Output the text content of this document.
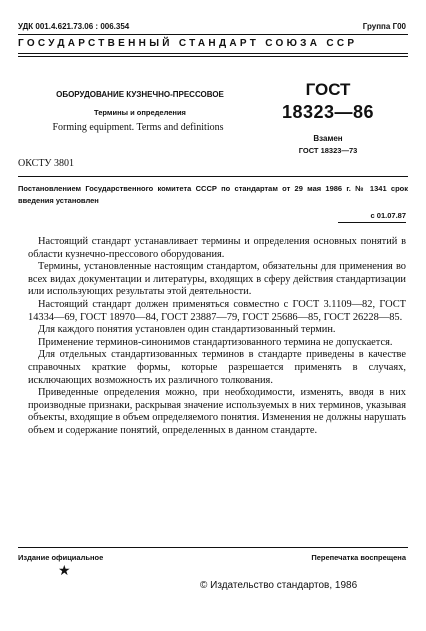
УДК 001.4.621.73.06 : 006.354	Группа Г00
ГОСУДАРСТВЕННЫЙ СТАНДАРТ СОЮЗА ССР
ОБОРУДОВАНИЕ КУЗНЕЧНО-ПРЕССОВОЕ
Термины и определения
Forming equipment. Terms and definitions
ГОСТ
18323—86
Взамен
ГОСТ 18323—73
ОКСТУ 3801
Постановлением Государственного комитета СССР по стандартам от 29 мая 1986 г. № 1341 срок введения установлен
с 01.07.87

Настоящий стандарт устанавливает термины и определения основных понятий в области кузнечно-прессового оборудования.

Термины, установленные настоящим стандартом, обязательны для применения во всех видах документации и литературы, входящих в сферу действия стандартизации или использующих результаты этой деятельности.

Настоящий стандарт должен применяться совместно с ГОСТ 3.1109—82, ГОСТ 14334—69, ГОСТ 18970—84, ГОСТ 23887—79, ГОСТ 25686—85, ГОСТ 26228—85.

Для каждого понятия установлен один стандартизованный термин.

Применение терминов-синонимов стандартизованного термина не допускается.

Для отдельных стандартизованных терминов в стандарте приведены в качестве справочных краткие формы, которые разрешается применять в случаях, исключающих возможность их различного толкования.

Приведенные определения можно, при необходимости, изменять, вводя в них производные признаки, раскрывая значение используемых в них терминов, указывая объекты, входящие в объем определяемого понятия. Изменения не должны нарушать объем и содержание понятий, определенных в данном стандарте.

Издание официальное	Перепечатка воспрещена
★
© Издательство стандартов, 1986
